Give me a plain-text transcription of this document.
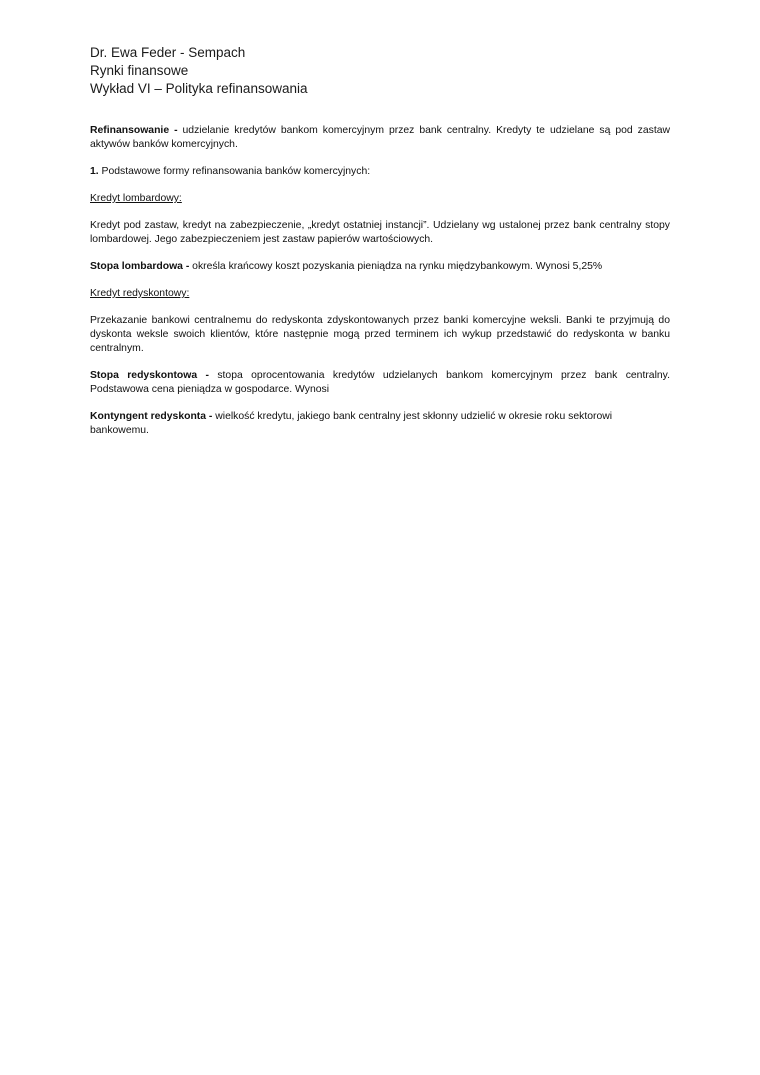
Dr. Ewa Feder - Sempach
Rynki finansowe
Wykład VI – Polityka refinansowania

Refinansowanie - udzielanie kredytów bankom komercyjnym przez bank centralny. Kredyty te udzielane są pod zastaw aktywów banków komercyjnych.

1. Podstawowe formy refinansowania banków komercyjnych:

Kredyt lombardowy:

Kredyt pod zastaw, kredyt na zabezpieczenie, „kredyt ostatniej instancji”. Udzielany wg ustalonej przez bank centralny stopy lombardowej. Jego zabezpieczeniem jest zastaw papierów wartościowych.

Stopa lombardowa - określa krańcowy koszt pozyskania pieniądza na rynku międzybankowym. Wynosi 5,25%

Kredyt redyskontowy:

Przekazanie bankowi centralnemu do redyskonta zdyskontowanych przez banki komercyjne weksli. Banki te przyjmują do dyskonta weksle swoich klientów, które następnie mogą przed terminem ich wykup przedstawić do redyskonta w banku centralnym.

Stopa redyskontowa - stopa oprocentowania kredytów udzielanych bankom komercyjnym przez bank centralny. Podstawowa cena pieniądza w gospodarce. Wynosi

Kontyngent redyskonta - wielkość kredytu, jakiego bank centralny jest skłonny udzielić w okresie roku sektorowi bankowemu.
